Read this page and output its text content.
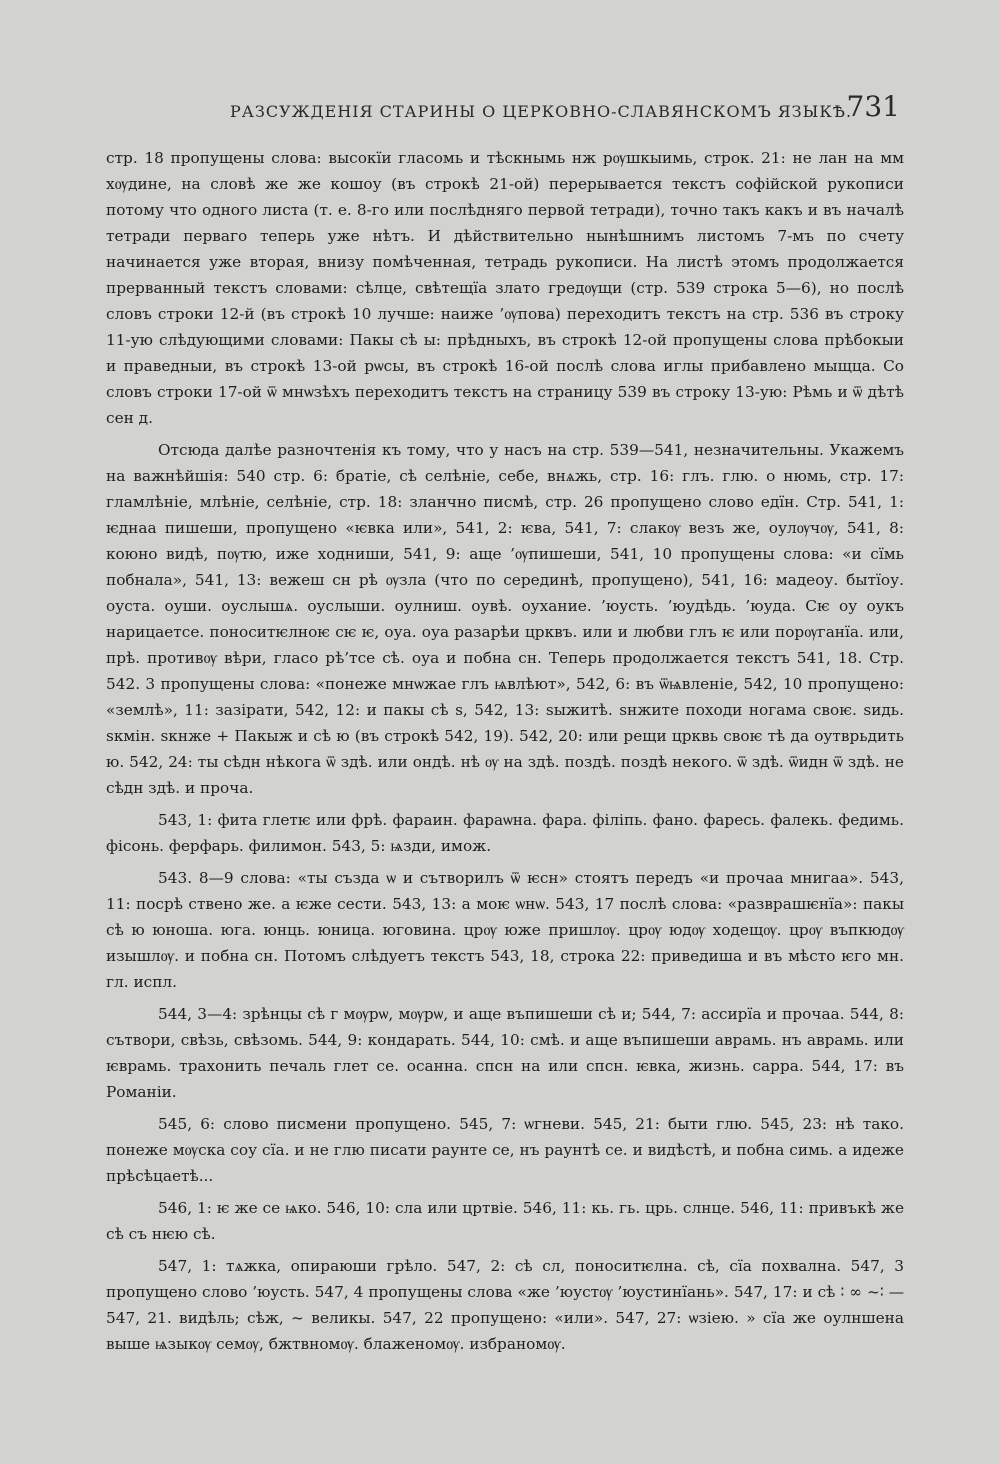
РАЗСУЖДЕНIЯ СТАРИНЫ О ЦЕРКОВНО-СЛАВЯНСКОМЪ ЯЗЫКѢ.
731

стр. 18 пропущены слова: высокїи гласомь и тѣскнымь нж рѹшкыимь, строк. 21: не лан на мм хѹдине, на словѣ же же кошоу (въ строкѣ 21-ой) перерывается текстъ софiйской рукописи потому что одного листа (т. е. 8-го или послѣдняго первой тетради), точно такъ какъ и въ началѣ тетради перваго теперь уже нѣтъ. И дѣйствительно нынѣшнимъ листомъ 7-мъ по счету начинается уже вторая, внизу помѣченная, тетрадь рукописи. На листѣ этомъ продолжается прерванный текстъ словами: сѣлце, свѣтещїа злато гредѹщи (стр. 539 строка 5—6), но послѣ словъ строки 12-й (въ строкѣ 10 лучше: наиже ’ѹпова) переходитъ текстъ на стр. 536 въ строку 11-ую слѣдующими словами: Пакы сѣ ы: прѣдныхъ, въ строкѣ 12-ой пропущены слова прѣбокыи и праведныи, въ строкѣ 13-ой рѡсы, въ строкѣ 16-ой послѣ слова иглы прибавлено мыщца. Со словъ строки 17-ой ѿ мнѡзѣхъ переходитъ текстъ на страницу 539 въ строку 13-ую: Рѣмь и ѿ дѣтѣ сен д.

Отсюда далѣе разночтенiя къ тому, что у насъ на стр. 539—541, незначительны. Укажемъ на важнѣйшiя: 540 стр. 6: братiе, сѣ селѣнiе, себе, внѧжь, стр. 16: глъ. глю. о нюмь, стр. 17: гламлѣнiе, млѣнiе, селѣнiе, стр. 18: зланчно писмѣ, стр. 26 пропущено слово едїн. Стр. 541, 1: ѥднаа пишеши, пропущено «ѥвка или», 541, 2: ѥва, 541, 7: слакѹ везъ же, оулѹчѹ, 541, 8: коюно видѣ, пѹтю, иже ходниши, 541, 9: аще ’ѹпишеши, 541, 10 пропущены слова: «и сїмь побнала», 541, 13: вежеш сн рѣ ѹзла (что по серединѣ, пропущено), 541, 16: мадеоу. бытїоу. оуста. оуши. оуслышѧ. оуслыши. оулниш. оувѣ. оухание. ’юусть. ’юудѣдь. ’юуда. Сѥ оу оукъ нарицаетсе. поноситѥлноѥ сѥ ѥ, оуа. оуа разарѣи црквъ. или и любви глъ ѥ или порѹганїа. или, прѣ. противѹ вѣри, гласо рѣ’тсе сѣ. оуа и побна сн. Теперь продолжается текстъ 541, 18. Стр. 542. 3 пропущены слова: «понеже мнѡжае глъ ѩвлѣют», 542, 6: въ ѿѩвленiе, 542, 10 пропущено: «землѣ», 11: зазiрати, 542, 12: и пакы сѣ s, 542, 13: sыжитѣ. sнжите походи ногама своѥ. sидь. sкмiн. sкнже + Пакыж и сѣ ю (въ строкѣ 542, 19). 542, 20: или рещи црквь своѥ тѣ да оутврьдить ю. 542, 24: ты сѣдн нѣкога ѿ здѣ. или ондѣ. нѣ ѹ на здѣ. поздѣ. поздѣ некого. ѿ здѣ. ѿидн ѿ здѣ. не сѣдн здѣ. и проча.

543, 1: фита глетѥ или фрѣ. фараин. фараѡна. фара. фiлiпь. фано. фаресь. фалекь. федимь. фiсонь. ферфарь. филимон. 543, 5: ѩзди, имож.

543. 8—9 слова: «ты създа ѡ и сътворилъ ѿ ѥсн» стоятъ передъ «и прочаа мнигаа». 543, 11: посрѣ ствено же. а ѥже сести. 543, 13: а моѥ ѡнѡ. 543, 17 послѣ слова: «разврашѥнїа»: пакы сѣ ю юноша. юга. юнць. юница. юговина. црѹ юже пришлѹ. црѹ юдѹ ходещѹ. црѹ въпкюдѹ изышлѹ. и побна сн. Потомъ слѣдуетъ текстъ 543, 18, строка 22: приведиша и въ мѣсто ѥго мн. гл. испл.

544, 3—4: зрѣнцы сѣ г мѹрѡ, мѹрѡ, и аще въпишеши сѣ и; 544, 7: ассирїа и прочаа. 544, 8: сътвори, свѣзь, свѣзомь. 544, 9: кондарать. 544, 10: смѣ. и аще въпишеши аврамь. нъ аврамь. или ѥврамь. трахонить печаль глет се. осанна. спсн на или спсн. ѥвка, жизнь. сарра. 544, 17: въ Романiи.

545, 6: слово писмени пропущено. 545, 7: ѡгневи. 545, 21: быти глю. 545, 23: нѣ тако. понеже мѹска соу сїа. и не глю писати раунте се, нъ раунтѣ се. и видѣстѣ, и побна симь. а идеже прѣсѣцаетѣ...

546, 1: ѥ же се ѩко. 546, 10: сла или цртвiе. 546, 11: кь. гь. црь. слнце. 546, 11: привъкѣ же сѣ съ нѥю сѣ.

547, 1: тѧжка, опираюши грѣло. 547, 2: сѣ сл, поноситѥлна. сѣ, сїа похвална. 547, 3 пропущено слово ’юусть. 547, 4 пропущены слова «же ’юустѹ ’юустинїань». 547, 17: и сѣ ∶ ∞ ~∶ — 547, 21. видѣль; сѣж, ~ великы. 547, 22 пропущено: «или». 547, 27: ѡзiею. » сїа же оулншена выше ѩзыкѹ семѹ, бжтвномѹ. блаженомѹ. избраномѹ.
